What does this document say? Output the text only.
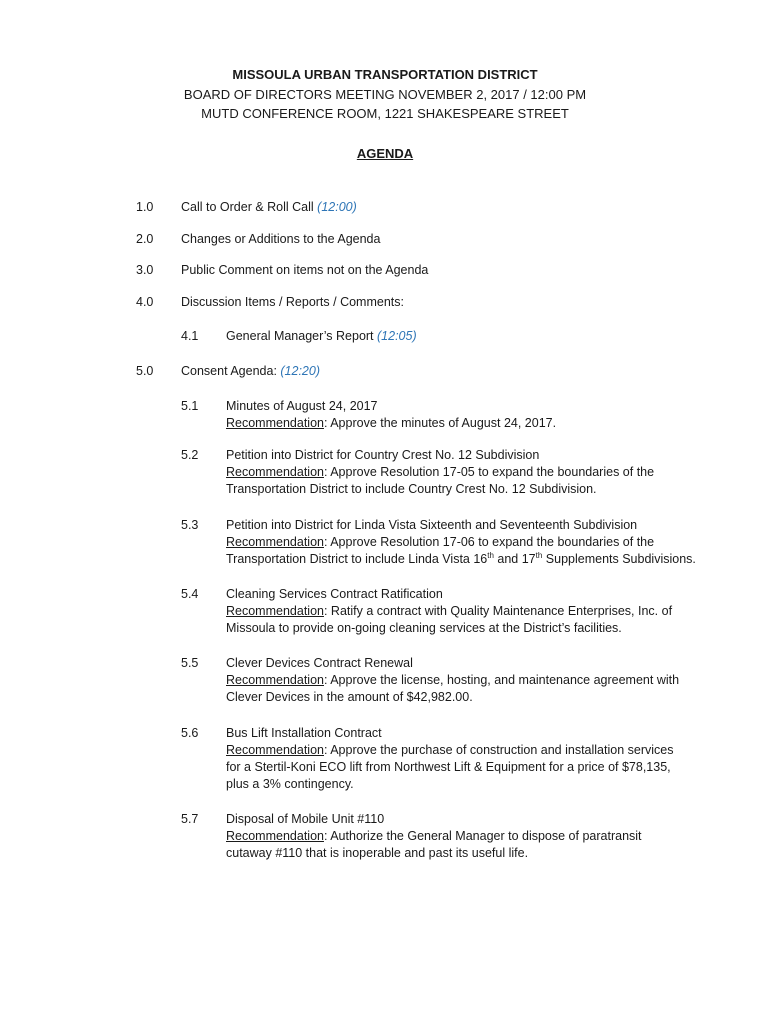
MISSOULA URBAN TRANSPORTATION DISTRICT
BOARD OF DIRECTORS MEETING NOVEMBER 2, 2017 / 12:00 PM
MUTD CONFERENCE ROOM, 1221 SHAKESPEARE STREET
AGENDA
1.0 Call to Order & Roll Call (12:00)
2.0 Changes or Additions to the Agenda
3.0 Public Comment on items not on the Agenda
4.0 Discussion Items / Reports / Comments:
4.1 General Manager’s Report (12:05)
5.0 Consent Agenda: (12:20)
5.1 Minutes of August 24, 2017
Recommendation: Approve the minutes of August 24, 2017.
5.2 Petition into District for Country Crest No. 12 Subdivision
Recommendation: Approve Resolution 17-05 to expand the boundaries of the
Transportation District to include Country Crest No. 12 Subdivision.
5.3 Petition into District for Linda Vista Sixteenth and Seventeenth Subdivision
Recommendation: Approve Resolution 17-06 to expand the boundaries of the
Transportation District to include Linda Vista 16th and 17th Supplements Subdivisions.
5.4 Cleaning Services Contract Ratification
Recommendation: Ratify a contract with Quality Maintenance Enterprises, Inc. of
Missoula to provide on-going cleaning services at the District’s facilities.
5.5 Clever Devices Contract Renewal
Recommendation: Approve the license, hosting, and maintenance agreement with
Clever Devices in the amount of $42,982.00.
5.6 Bus Lift Installation Contract
Recommendation: Approve the purchase of construction and installation services
for a Stertil-Koni ECO lift from Northwest Lift & Equipment for a price of $78,135,
plus a 3% contingency.
5.7 Disposal of Mobile Unit #110
Recommendation: Authorize the General Manager to dispose of paratransit
cutaway #110 that is inoperable and past its useful life.
